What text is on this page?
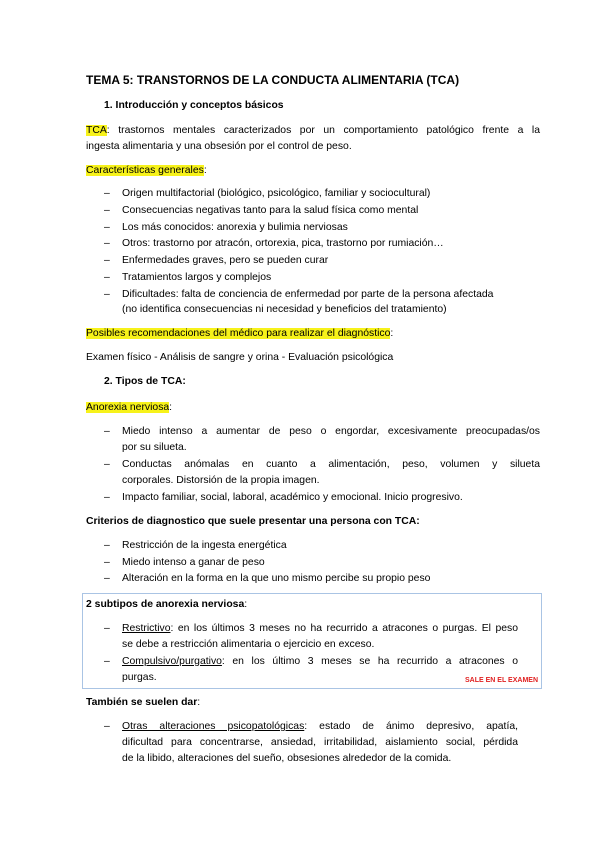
TEMA 5: TRANSTORNOS DE LA CONDUCTA ALIMENTARIA (TCA)
1. Introducción y conceptos básicos
TCA: trastornos mentales caracterizados por un comportamiento patológico frente a la
ingesta alimentaria y una obsesión por el control de peso.
Características generales:
– Origen multifactorial (biológico, psicológico, familiar y sociocultural)
– Consecuencias negativas tanto para la salud física como mental
– Los más conocidos: anorexia y bulimia nerviosas
– Otros: trastorno por atracón, ortorexia, pica, trastorno por rumiación…
– Enfermedades graves, pero se pueden curar
– Tratamientos largos y complejos
– Dificultades: falta de conciencia de enfermedad por parte de la persona afectada
(no identifica consecuencias ni necesidad y beneficios del tratamiento)
Posibles recomendaciones del médico para realizar el diagnóstico:
Examen físico - Análisis de sangre y orina - Evaluación psicológica
2. Tipos de TCA:
Anorexia nerviosa:
– Miedo intenso a aumentar de peso o engordar, excesivamente preocupadas/os
por su silueta.
– Conductas anómalas en cuanto a alimentación, peso, volumen y silueta
corporales. Distorsión de la propia imagen.
– Impacto familiar, social, laboral, académico y emocional. Inicio progresivo.
Criterios de diagnostico que suele presentar una persona con TCA:
– Restricción de la ingesta energética
– Miedo intenso a ganar de peso
– Alteración en la forma en la que uno mismo percibe su propio peso
2 subtipos de anorexia nerviosa:
– Restrictivo: en los últimos 3 meses no ha recurrido a atracones o purgas. El peso
se debe a restricción alimentaria o ejercicio en exceso.
– Compulsivo/purgativo: en los último 3 meses se ha recurrido a atracones o
purgas.	SALE EN EL EXAMEN
También se suelen dar:
– Otras alteraciones psicopatológicas: estado de ánimo depresivo, apatía,
dificultad para concentrarse, ansiedad, irritabilidad, aislamiento social, pérdida
de la libido, alteraciones del sueño, obsesiones alrededor de la comida.
